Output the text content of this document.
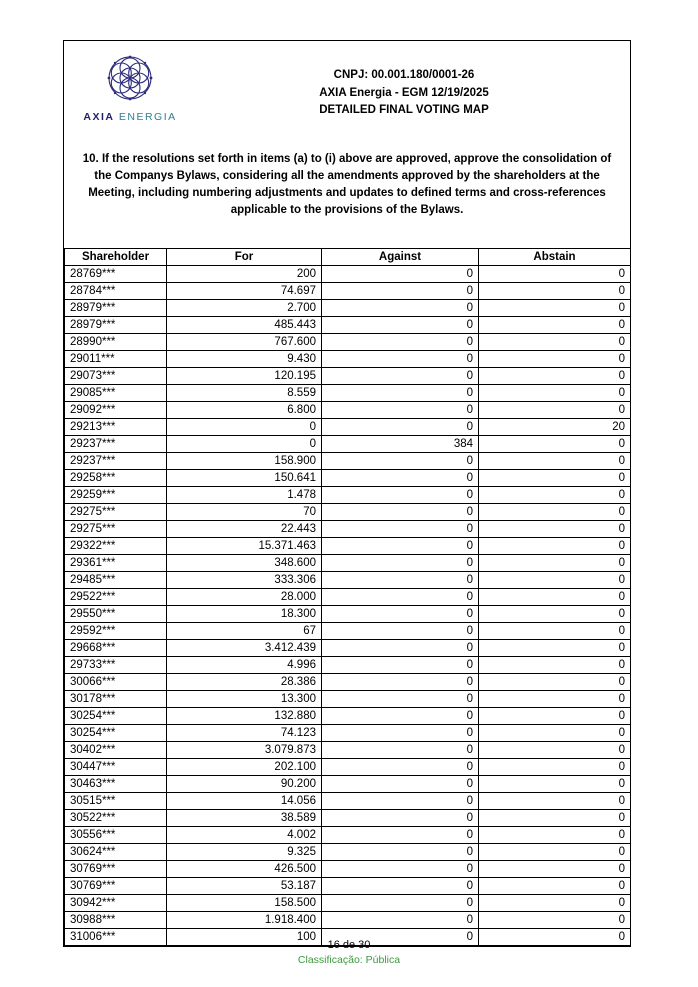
AXIA ENERGIA
CNPJ: 00.001.180/0001-26
AXIA Energia - EGM 12/19/2025
DETAILED FINAL VOTING MAP
10. If the resolutions set forth in items (a) to (i) above are approved, approve the consolidation of the Companys Bylaws, considering all the amendments approved by the shareholders at the Meeting, including numbering adjustments and updates to defined terms and cross-references applicable to the provisions of the Bylaws.
Shareholder	For	Against	Abstain
28769***	200	0	0
28784***	74.697	0	0
28979***	2.700	0	0
28979***	485.443	0	0
28990***	767.600	0	0
29011***	9.430	0	0
29073***	120.195	0	0
29085***	8.559	0	0
29092***	6.800	0	0
29213***	0	0	20
29237***	0	384	0
29237***	158.900	0	0
29258***	150.641	0	0
29259***	1.478	0	0
29275***	70	0	0
29275***	22.443	0	0
29322***	15.371.463	0	0
29361***	348.600	0	0
29485***	333.306	0	0
29522***	28.000	0	0
29550***	18.300	0	0
29592***	67	0	0
29668***	3.412.439	0	0
29733***	4.996	0	0
30066***	28.386	0	0
30178***	13.300	0	0
30254***	132.880	0	0
30254***	74.123	0	0
30402***	3.079.873	0	0
30447***	202.100	0	0
30463***	90.200	0	0
30515***	14.056	0	0
30522***	38.589	0	0
30556***	4.002	0	0
30624***	9.325	0	0
30769***	426.500	0	0
30769***	53.187	0	0
30942***	158.500	0	0
30988***	1.918.400	0	0
31006***	100	0	0
16 de 30
Classificação: Pública
